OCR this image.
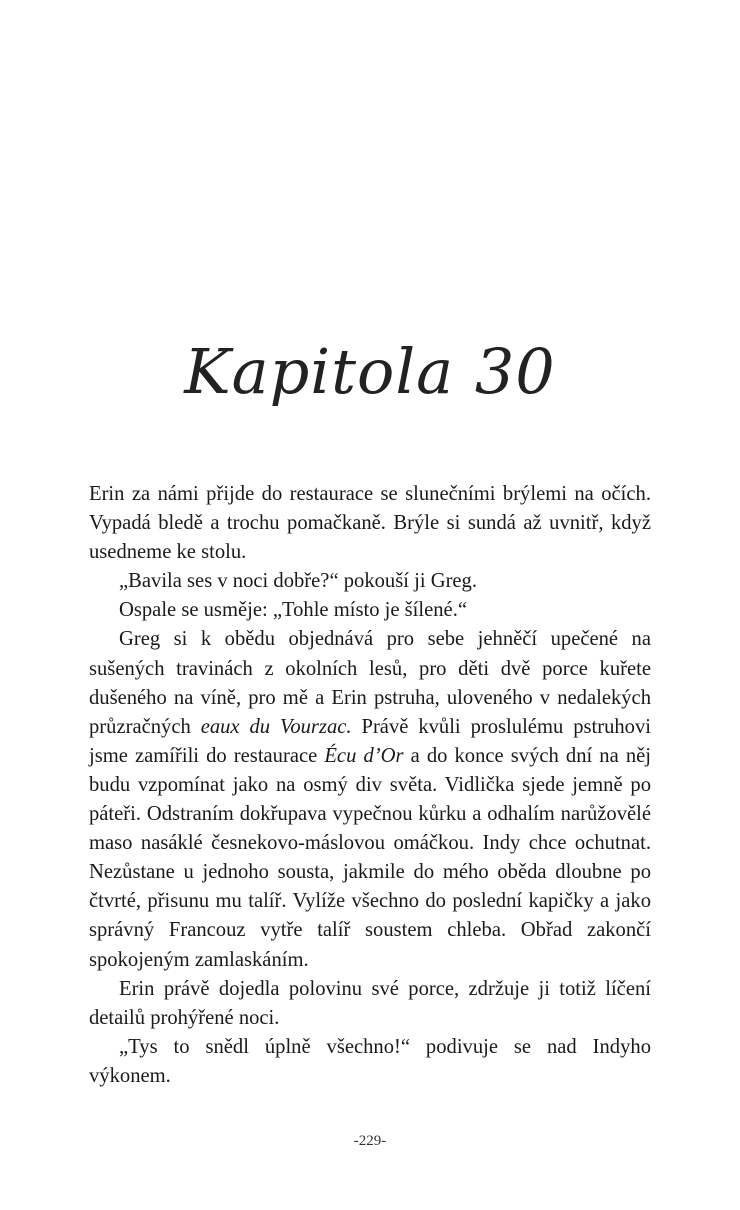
Kapitola 30

Erin za námi přijde do restaurace se slunečními brýlemi na očích. Vypadá bledě a trochu pomačkaně. Brýle si sundá až uvnitř, když usedneme ke stolu.

„Bavila ses v noci dobře?“ pokouší ji Greg.

Ospale se usměje: „Tohle místo je šílené.“

Greg si k obědu objednává pro sebe jehněčí upečené na sušených travinách z okolních lesů, pro děti dvě porce kuřete dušeného na víně, pro mě a Erin pstruha, uloveného v nedalekých průzračných eaux du Vourzac. Právě kvůli proslulému pstruhovi jsme zamířili do restaurace Écu d’Or a do konce svých dní na něj budu vzpomínat jako na osmý div světa. Vidlička sjede jemně po páteři. Odstraním dokřupava vypečnou kůrku a odhalím narůžovělé maso nasáklé česnekovo-máslovou omáčkou. Indy chce ochutnat. Nezůstane u jednoho sousta, jakmile do mého oběda dloubne po čtvrté, přisunu mu talíř. Vylíže všechno do poslední kapičky a jako správný Francouz vytře talíř soustem chleba. Obřad zakončí spokojeným zamlaskáním.

Erin právě dojedla polovinu své porce, zdržuje ji totiž líčení detailů prohýřené noci.

„Tys to snědl úplně všechno!“ podivuje se nad Indyho výkonem.

-229-
